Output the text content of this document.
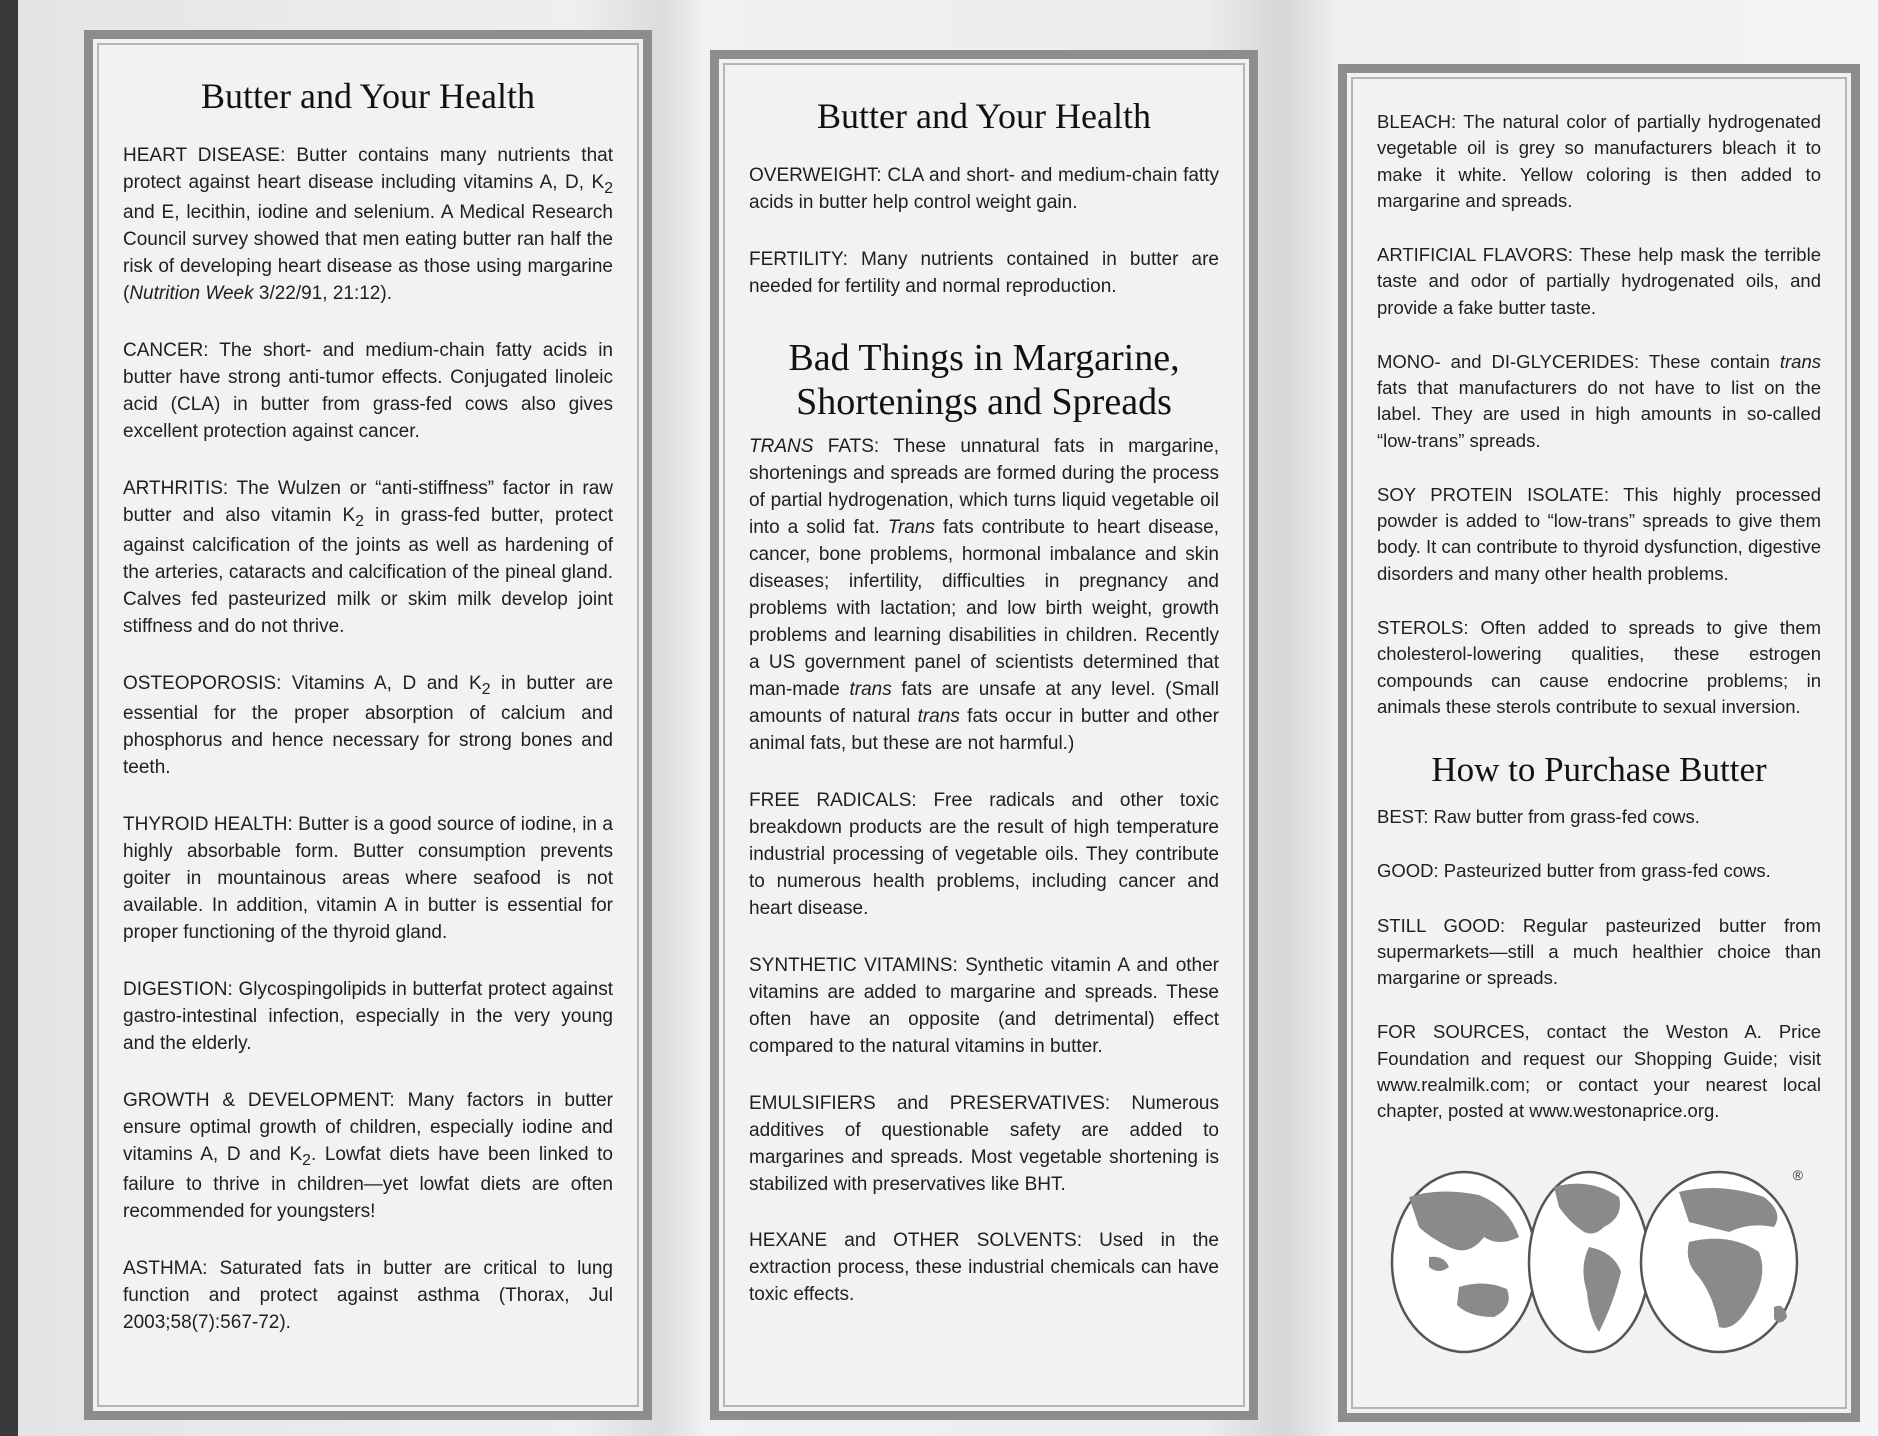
Butter and Your Health

HEART DISEASE: Butter contains many nutrients that protect against heart disease including vitamins A, D, $K_2$ and E, lecithin, iodine and selenium. A Medical Research Council survey showed that men eating butter ran half the risk of developing heart disease as those using margarine (Nutrition Week 3/22/91, 21:12).

CANCER: The short- and medium-chain fatty acids in butter have strong anti-tumor effects. Conjugated linoleic acid (CLA) in butter from grass-fed cows also gives excellent protection against cancer.

ARTHRITIS: The Wulzen or “anti-stiffness” factor in raw butter and also vitamin $K_2$ in grass-fed butter, protect against calcification of the joints as well as hardening of the arteries, cataracts and calcification of the pineal gland. Calves fed pasteurized milk or skim milk develop joint stiffness and do not thrive.

OSTEOPOROSIS: Vitamins A, D and $K_2$ in butter are essential for the proper absorption of calcium and phosphorus and hence necessary for strong bones and teeth.

THYROID HEALTH: Butter is a good source of iodine, in a highly absorbable form. Butter consumption prevents goiter in mountainous areas where seafood is not available. In addition, vitamin A in butter is essential for proper functioning of the thyroid gland.

DIGESTION: Glycospingolipids in butterfat protect against gastro-intestinal infection, especially in the very young and the elderly.

GROWTH & DEVELOPMENT: Many factors in butter ensure optimal growth of children, especially iodine and vitamins A, D and $K_2$. Lowfat diets have been linked to failure to thrive in children—yet lowfat diets are often recommended for youngsters!

ASTHMA: Saturated fats in butter are critical to lung function and protect against asthma (Thorax, Jul 2003;58(7):567-72).

Butter and Your Health

OVERWEIGHT: CLA and short- and medium-chain fatty acids in butter help control weight gain.

FERTILITY: Many nutrients contained in butter are needed for fertility and normal reproduction.

Bad Things in Margarine,
Shortenings and Spreads

TRANS FATS: These unnatural fats in margarine, shortenings and spreads are formed during the process of partial hydrogenation, which turns liquid vegetable oil into a solid fat. Trans fats contribute to heart disease, cancer, bone problems, hormonal imbalance and skin diseases; infertility, difficulties in pregnancy and problems with lactation; and low birth weight, growth problems and learning disabilities in children. Recently a US government panel of scientists determined that man-made trans fats are unsafe at any level. (Small amounts of natural trans fats occur in butter and other animal fats, but these are not harmful.)

FREE RADICALS: Free radicals and other toxic breakdown products are the result of high temperature industrial processing of vegetable oils. They contribute to numerous health problems, including cancer and heart disease.

SYNTHETIC VITAMINS: Synthetic vitamin A and other vitamins are added to margarine and spreads. These often have an opposite (and detrimental) effect compared to the natural vitamins in butter.

EMULSIFIERS and PRESERVATIVES: Numerous additives of questionable safety are added to margarines and spreads. Most vegetable shortening is stabilized with preservatives like BHT.

HEXANE and OTHER SOLVENTS: Used in the extraction process, these industrial chemicals can have toxic effects.

BLEACH: The natural color of partially hydrogenated vegetable oil is grey so manufacturers bleach it to make it white. Yellow coloring is then added to margarine and spreads.

ARTIFICIAL FLAVORS: These help mask the terrible taste and odor of partially hydrogenated oils, and provide a fake butter taste.

MONO- and DI-GLYCERIDES: These contain trans fats that manufacturers do not have to list on the label. They are used in high amounts in so-called “low-trans” spreads.

SOY PROTEIN ISOLATE: This highly processed powder is added to “low-trans” spreads to give them body. It can contribute to thyroid dysfunction, digestive disorders and many other health problems.

STEROLS: Often added to spreads to give them cholesterol-lowering qualities, these estrogen compounds can cause endocrine problems; in animals these sterols contribute to sexual inversion.

How to Purchase Butter

BEST: Raw butter from grass-fed cows.

GOOD: Pasteurized butter from grass-fed cows.

STILL GOOD: Regular pasteurized butter from supermarkets—still a much healthier choice than margarine or spreads.

FOR SOURCES, contact the Weston A. Price Foundation and request our Shopping Guide; visit www.realmilk.com; or contact your nearest local chapter, posted at www.westonaprice.org.

®
